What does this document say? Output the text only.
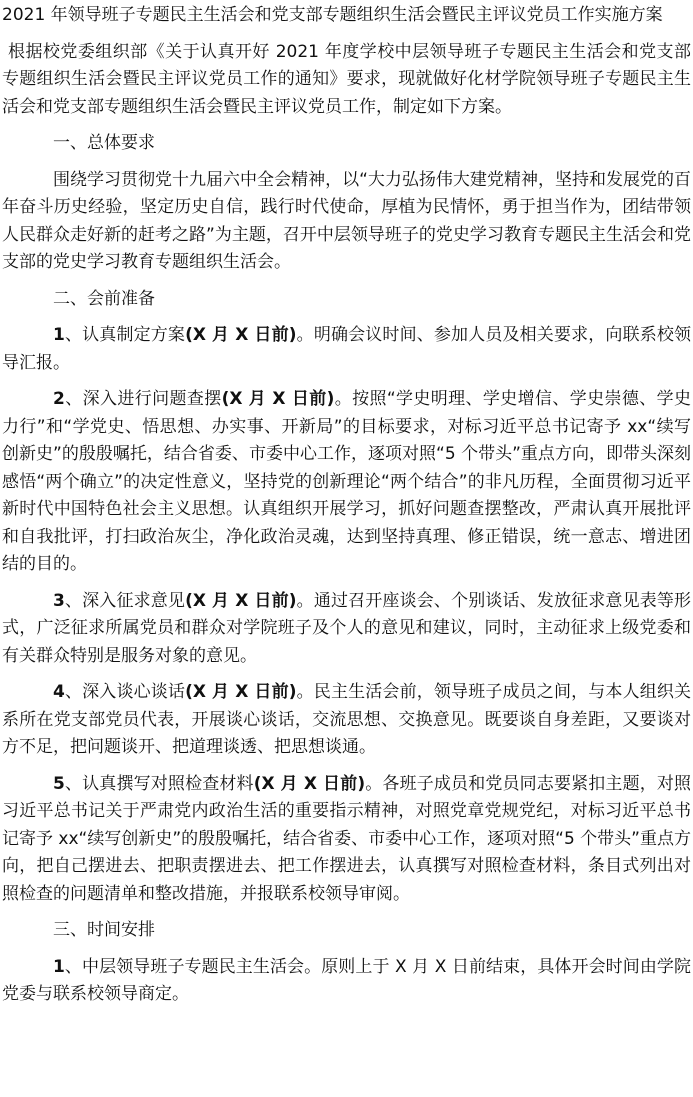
2021 年领导班子专题民主生活会和党支部专题组织生活会暨民主评议党员工作实施方案

根据校党委组织部《关于认真开好 2021 年度学校中层领导班子专题民主生活会和党支部专题组织生活会暨民主评议党员工作的通知》要求，现就做好化材学院领导班子专题民主生活会和党支部专题组织生活会暨民主评议党员工作，制定如下方案。

一、总体要求

围绕学习贯彻党十九届六中全会精神，以“大力弘扬伟大建党精神，坚持和发展党的百年奋斗历史经验，坚定历史自信，践行时代使命，厚植为民情怀，勇于担当作为，团结带领人民群众走好新的赶考之路”为主题，召开中层领导班子的党史学习教育专题民主生活会和党支部的党史学习教育专题组织生活会。

二、会前准备

1、认真制定方案(X 月 X 日前)。明确会议时间、参加人员及相关要求，向联系校领导汇报。

2、深入进行问题查摆(X 月 X 日前)。按照“学史明理、学史增信、学史崇德、学史力行”和“学党史、悟思想、办实事、开新局”的目标要求，对标习近平总书记寄予 xx“续写创新史”的殷殷嘱托，结合省委、市委中心工作，逐项对照“5 个带头”重点方向，即带头深刻感悟“两个确立”的决定性意义，坚持党的创新理论“两个结合”的非凡历程，全面贯彻习近平新时代中国特色社会主义思想。认真组织开展学习，抓好问题查摆整改，严肃认真开展批评和自我批评，打扫政治灰尘，净化政治灵魂，达到坚持真理、修正错误，统一意志、增进团结的目的。

3、深入征求意见(X 月 X 日前)。通过召开座谈会、个别谈话、发放征求意见表等形式，广泛征求所属党员和群众对学院班子及个人的意见和建议，同时，主动征求上级党委和有关群众特别是服务对象的意见。

4、深入谈心谈话(X 月 X 日前)。民主生活会前，领导班子成员之间，与本人组织关系所在党支部党员代表，开展谈心谈话，交流思想、交换意见。既要谈自身差距，又要谈对方不足，把问题谈开、把道理谈透、把思想谈通。

5、认真撰写对照检查材料(X 月 X 日前)。各班子成员和党员同志要紧扣主题，对照习近平总书记关于严肃党内政治生活的重要指示精神，对照党章党规党纪，对标习近平总书记寄予 xx“续写创新史”的殷殷嘱托，结合省委、市委中心工作，逐项对照“5 个带头”重点方向，把自己摆进去、把职责摆进去、把工作摆进去，认真撰写对照检查材料，条目式列出对照检查的问题清单和整改措施，并报联系校领导审阅。

三、时间安排

1、中层领导班子专题民主生活会。原则上于 X 月 X 日前结束，具体开会时间由学院党委与联系校领导商定。
